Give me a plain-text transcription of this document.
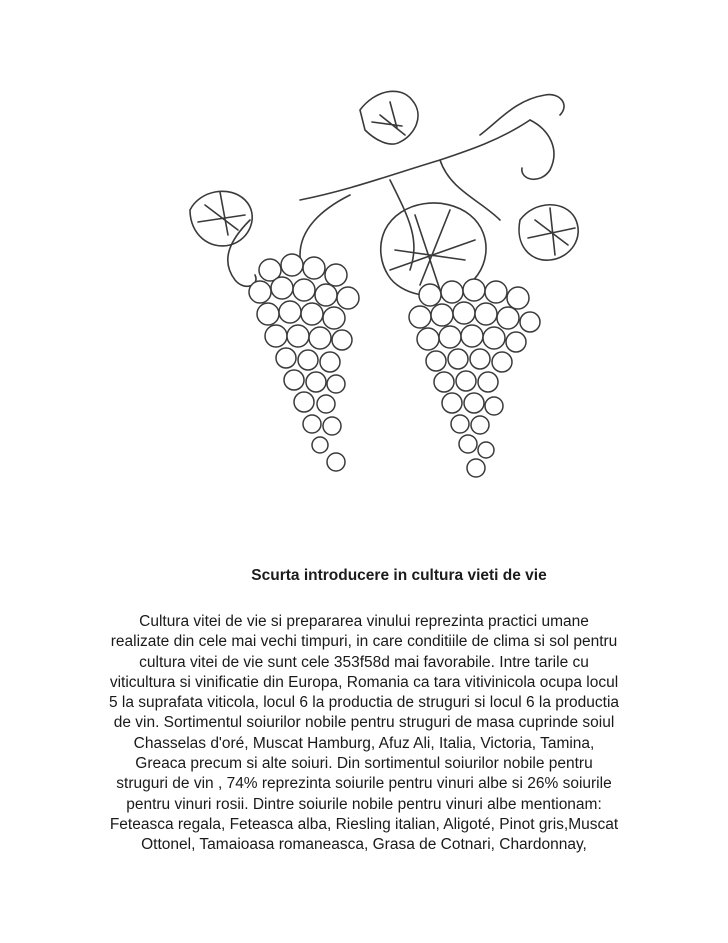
Scurta introducere in cultura vieti de vie
Cultura vitei de vie si prepararea vinului reprezinta practici umane
realizate din cele mai vechi timpuri, in care conditiile de clima si sol pentru
cultura vitei de vie sunt cele 353f58d mai favorabile. Intre tarile cu
viticultura si vinificatie din Europa, Romania ca tara vitivinicola ocupa locul
5 la suprafata viticola, locul 6 la productia de struguri si locul 6 la productia
de vin. Sortimentul soiurilor nobile pentru struguri de masa cuprinde soiul
Chasselas d'oré, Muscat Hamburg, Afuz Ali, Italia, Victoria, Tamina,
Greaca precum si alte soiuri. Din sortimentul soiurilor nobile pentru
struguri de vin , 74% reprezinta soiurile pentru vinuri albe si 26% soiurile
pentru vinuri rosii. Dintre soiurile nobile pentru vinuri albe mentionam:
Feteasca regala, Feteasca alba, Riesling italian, Aligoté, Pinot gris,Muscat
Ottonel, Tamaioasa romaneasca, Grasa de Cotnari, Chardonnay,
